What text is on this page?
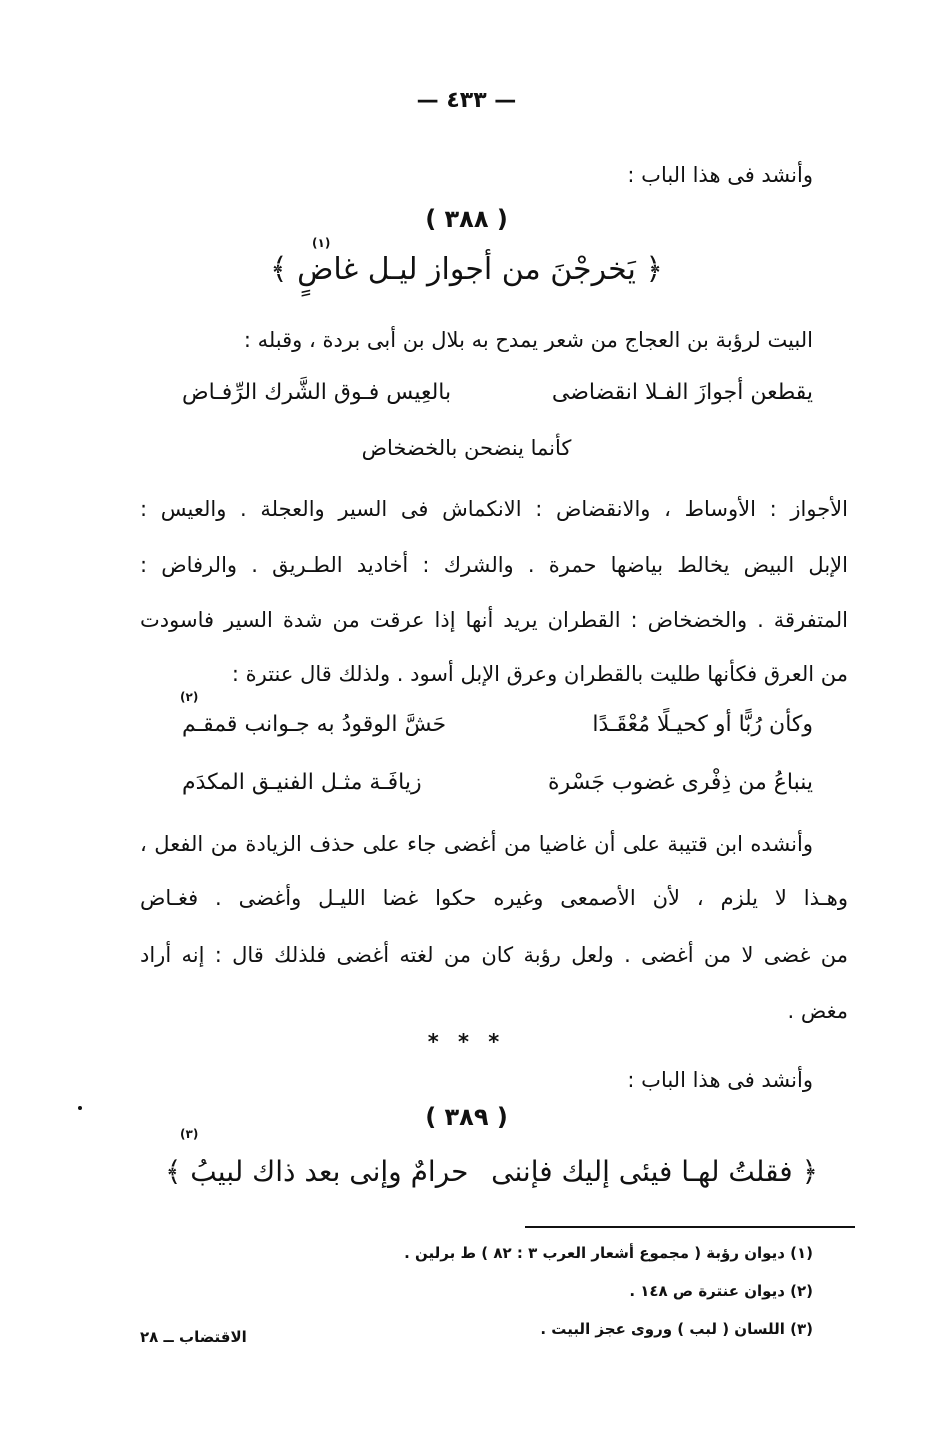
— ٤٣٣ —
وأنشد فى هذا الباب :
( ٣٨٨ )
(١)
﴿ يَخرجْنَ من أجواز ليـل غاضٍ ﴾
البيت لرؤبة بن العجاج من شعر يمدح به بلال بن أبى بردة ، وقبله :
يقطعن أجوازَ الفـلا انقضاضى
بالعِيس فـوق الشَّرك الرِّفـاض
كأنما ينضحن بالخضخاض
الأجواز : الأوساط ، والانقضاض : الانكماش فى السير والعجلة . والعيس :
الإبل البيض يخالط بياضها حمرة . والشرك : أخاديد الطـريق . والرفاض :
المتفرقة . والخضخاض : القطران يريد أنها إذا عرقت من شدة السير فاسودت
من العرق فكأنها طليت بالقطران وعرق الإبل أسود . ولذلك قال عنترة :
(٢)
وكأن رُبًّا أو كحيـلًا مُعْقَـدًا
حَشَّ الوقودُ به جـوانب قمقـم
ينباعُ من ذِفْرى غضوب جَسْرة
زيافَـة مثـل الفنيـق المكدَم
وأنشده ابن قتيبة على أن غاضيا من أغضى جاء على حذف الزيادة من الفعل ،
وهـذا لا يلزم ، لأن الأصمعى وغيره حكوا غضا الليـل وأغضى . فغـاض
من غضى لا من أغضى . ولعل رؤبة كان من لغته أغضى فلذلك قال : إنه أراد
مغض .
* * *
وأنشد فى هذا الباب :
( ٣٨٩ )
(٣)
﴿ فقلتُ لهـا فيئى إليك فإننى
حرامٌ وإنى بعد ذاك لبيبُ ﴾
(١) ديوان رؤبة ( مجموع أشعار العرب ٣ : ٨٢ ) ط برلين .
(٢) ديوان عنترة ص ١٤٨ .
(٣) اللسان ( لبب ) وروى عجز البيت .
الاقتضاب ــ ٢٨
